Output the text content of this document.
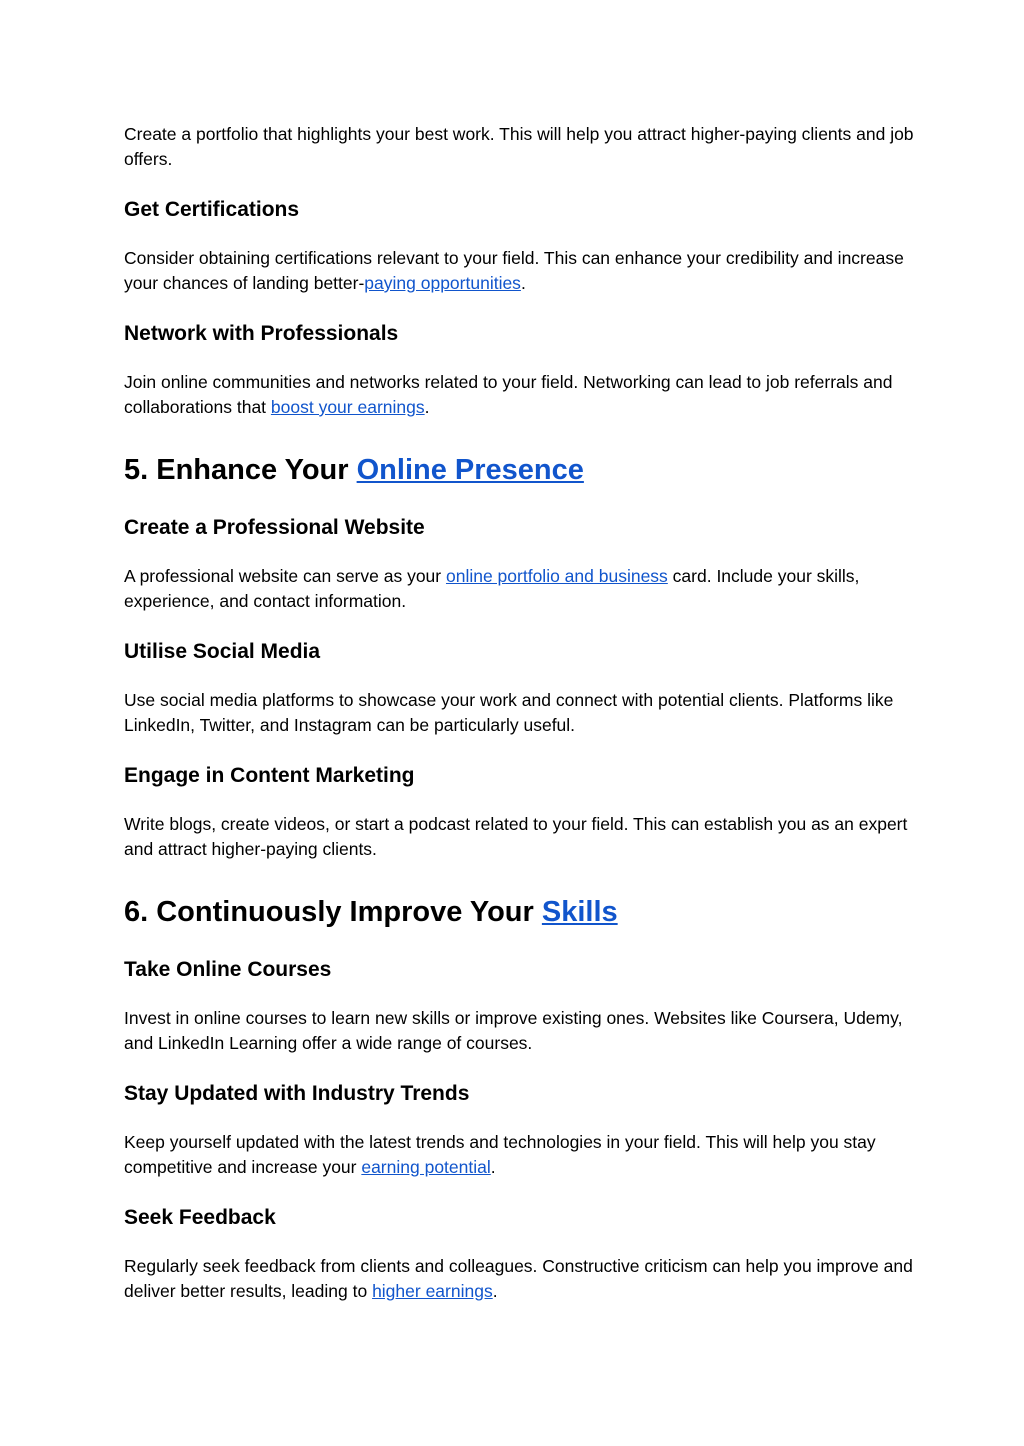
Create a portfolio that highlights your best work. This will help you attract higher-paying clients and job offers.

Get Certifications

Consider obtaining certifications relevant to your field. This can enhance your credibility and increase your chances of landing better-paying opportunities.

Network with Professionals

Join online communities and networks related to your field. Networking can lead to job referrals and collaborations that boost your earnings.

5. Enhance Your Online Presence
Create a Professional Website

A professional website can serve as your online portfolio and business card. Include your skills, experience, and contact information.

Utilise Social Media

Use social media platforms to showcase your work and connect with potential clients. Platforms like LinkedIn, Twitter, and Instagram can be particularly useful.

Engage in Content Marketing

Write blogs, create videos, or start a podcast related to your field. This can establish you as an expert and attract higher-paying clients.

6. Continuously Improve Your Skills
Take Online Courses

Invest in online courses to learn new skills or improve existing ones. Websites like Coursera, Udemy, and LinkedIn Learning offer a wide range of courses.

Stay Updated with Industry Trends

Keep yourself updated with the latest trends and technologies in your field. This will help you stay competitive and increase your earning potential.

Seek Feedback

Regularly seek feedback from clients and colleagues. Constructive criticism can help you improve and deliver better results, leading to higher earnings.
